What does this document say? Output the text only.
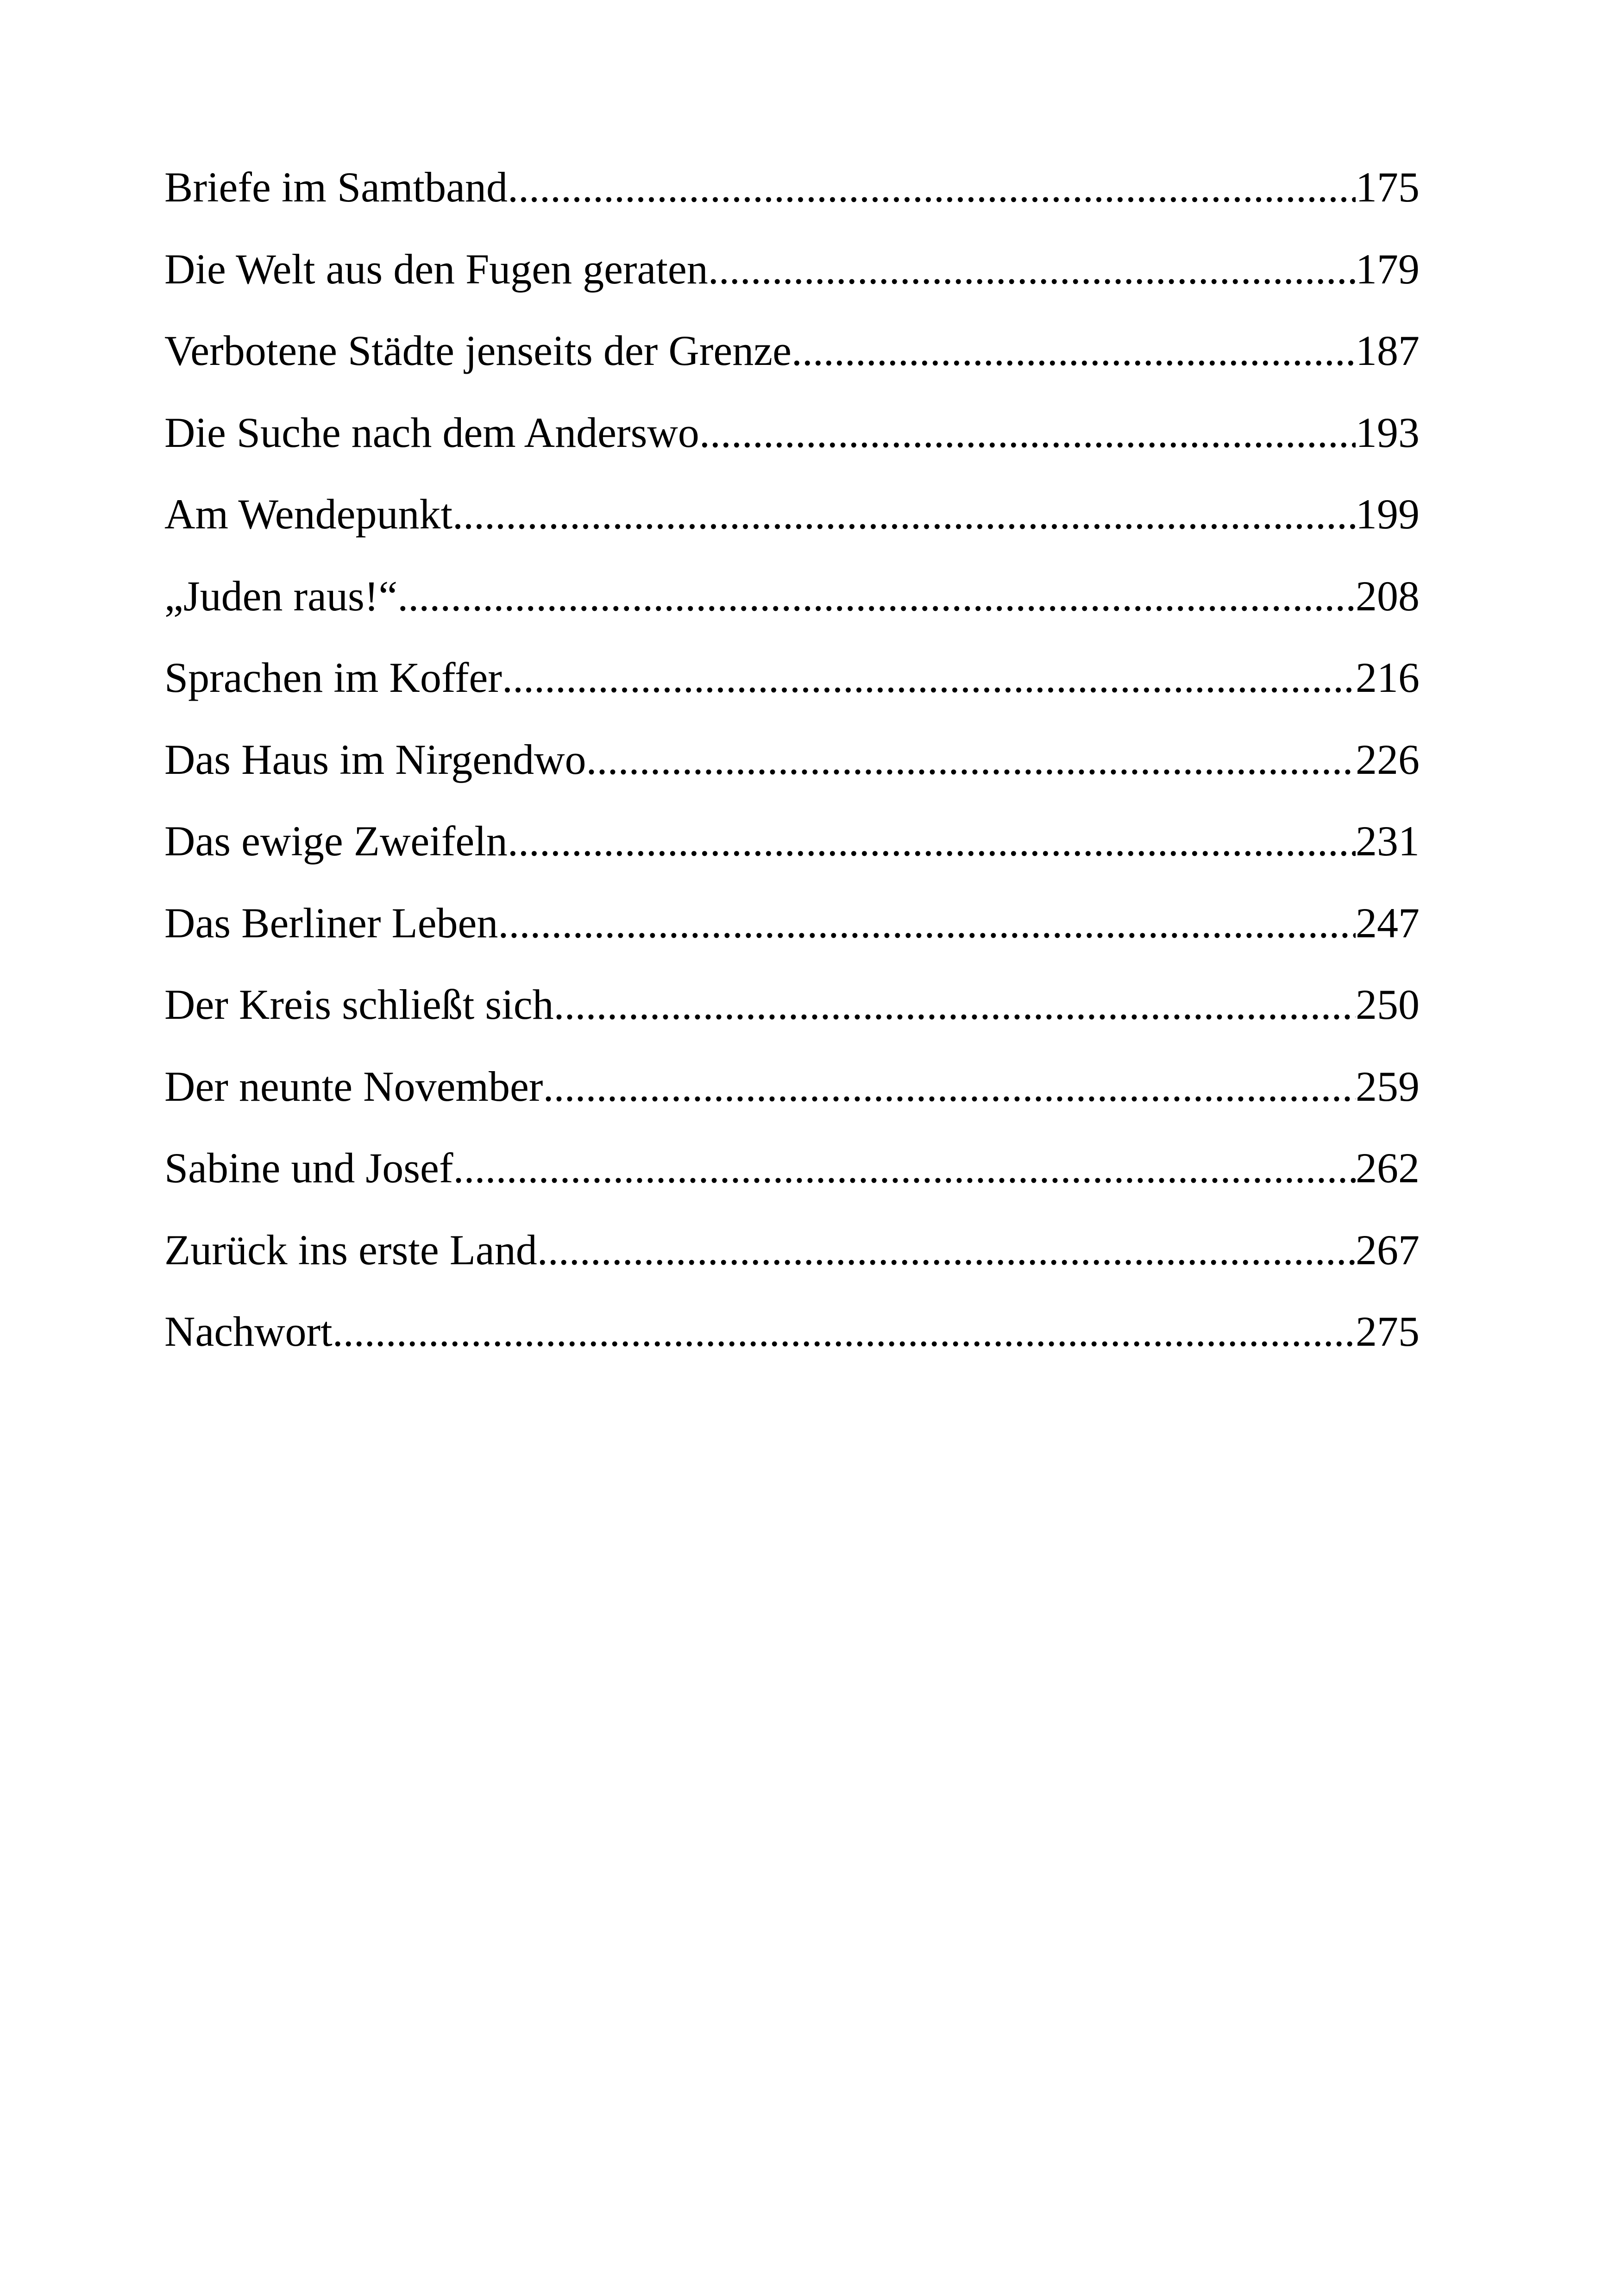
Briefe im Samtband .....	175
Die Welt aus den Fugen geraten .....	179
Verbotene Städte jenseits der Grenze .....	187
Die Suche nach dem Anderswo .....	193
Am Wendepunkt .....	199
„Juden raus!“ .....	208
Sprachen im Koffer .....	216
Das Haus im Nirgendwo .....	226
Das ewige Zweifeln .....	231
Das Berliner Leben .....	247
Der Kreis schließt sich .....	250
Der neunte November .....	259
Sabine und Josef .....	262
Zurück ins erste Land .....	267
Nachwort .....	275
